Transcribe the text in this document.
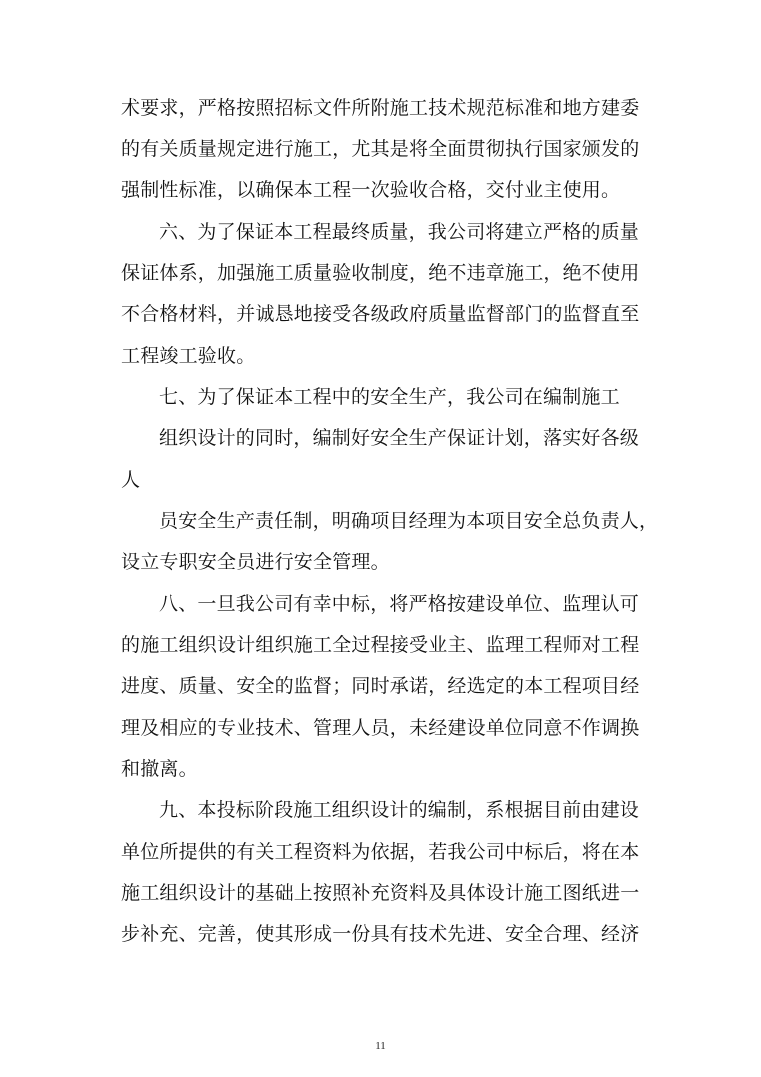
术要求，严格按照招标文件所附施工技术规范标准和地方建委
的有关质量规定进行施工，尤其是将全面贯彻执行国家颁发的
强制性标准，以确保本工程一次验收合格，交付业主使用。
六、为了保证本工程最终质量，我公司将建立严格的质量
保证体系，加强施工质量验收制度，绝不违章施工，绝不使用
不合格材料，并诚恳地接受各级政府质量监督部门的监督直至
工程竣工验收。
七、为了保证本工程中的安全生产，我公司在编制施工
组织设计的同时，编制好安全生产保证计划，落实好各级
人
员安全生产责任制，明确项目经理为本项目安全总负责人，
设立专职安全员进行安全管理。
八、一旦我公司有幸中标，将严格按建设单位、监理认可
的施工组织设计组织施工全过程接受业主、监理工程师对工程
进度、质量、安全的监督；同时承诺，经选定的本工程项目经
理及相应的专业技术、管理人员，未经建设单位同意不作调换
和撤离。
九、本投标阶段施工组织设计的编制，系根据目前由建设
单位所提供的有关工程资料为依据，若我公司中标后，将在本
施工组织设计的基础上按照补充资料及具体设计施工图纸进一
步补充、完善，使其形成一份具有技术先进、安全合理、经济
11
